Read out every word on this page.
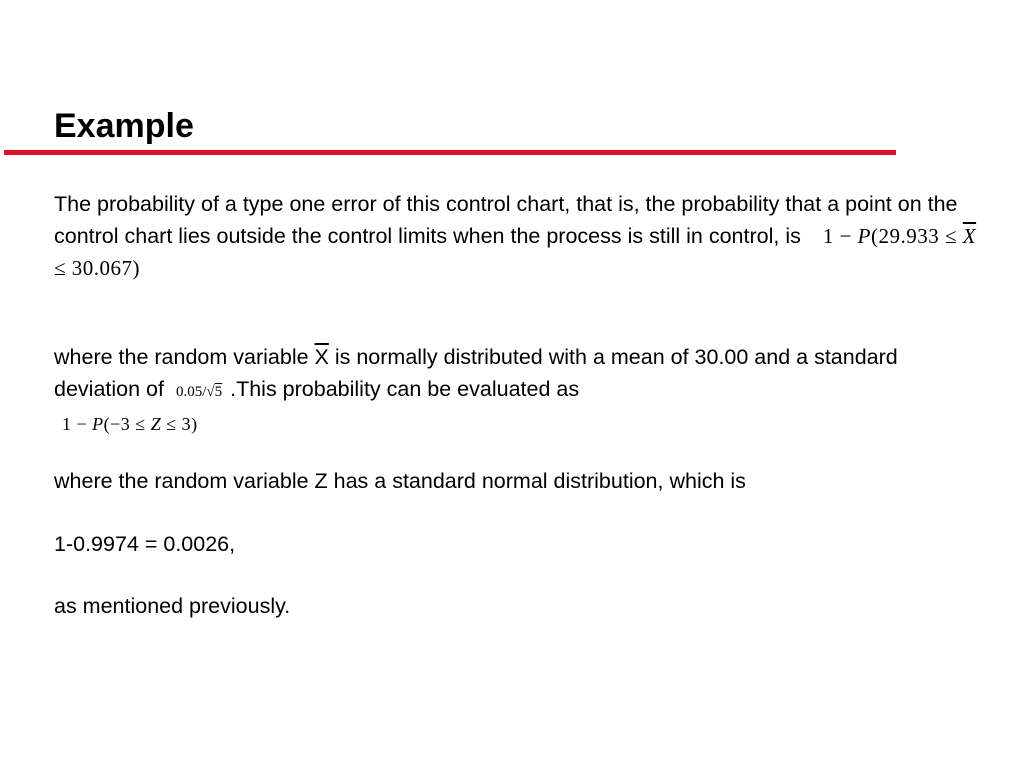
Example
The probability of a type one error of this control chart, that is, the probability that a point on the control chart lies outside the control limits when the process is still in control, is $1 - P(29.933 \le \overline{X} \le 30.067)$
where the random variable $\overline{X}$ is normally distributed with a mean of 30.00 and a standard deviation of 0.05/√5 .This probability can be evaluated as
1 − P(−3 ≤ Z ≤ 3)
where the random variable Z has a standard normal distribution, which is
1-0.9974 = 0.0026,
as mentioned previously.
